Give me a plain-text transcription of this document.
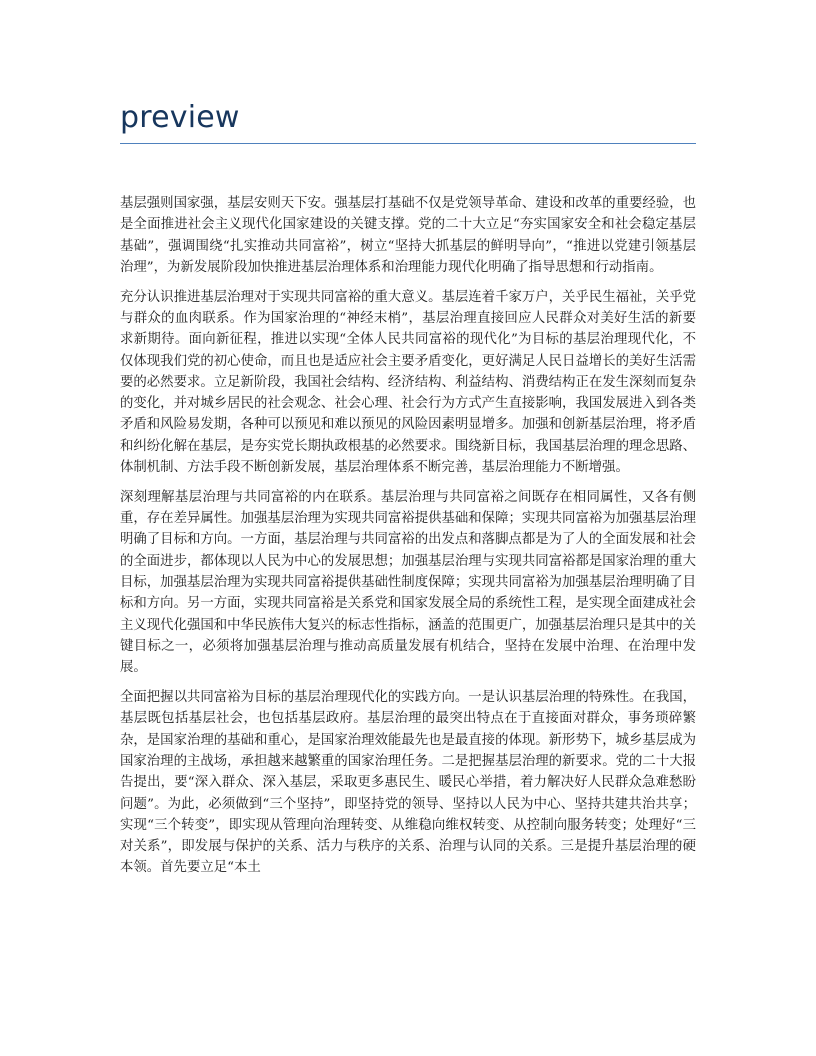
preview

基层强则国家强，基层安则天下安。强基层打基础不仅是党领导革命、建设和改革的重要经验，也是全面推进社会主义现代化国家建设的关键支撑。党的二十大立足“夯实国家安全和社会稳定基层基础”，强调围绕“扎实推动共同富裕”，树立“坚持大抓基层的鲜明导向”，“推进以党建引领基层治理”，为新发展阶段加快推进基层治理体系和治理能力现代化明确了指导思想和行动指南。

充分认识推进基层治理对于实现共同富裕的重大意义。基层连着千家万户，关乎民生福祉，关乎党与群众的血肉联系。作为国家治理的“神经末梢”，基层治理直接回应人民群众对美好生活的新要求新期待。面向新征程，推进以实现“全体人民共同富裕的现代化”为目标的基层治理现代化，不仅体现我们党的初心使命，而且也是适应社会主要矛盾变化，更好满足人民日益增长的美好生活需要的必然要求。立足新阶段，我国社会结构、经济结构、利益结构、消费结构正在发生深刻而复杂的变化，并对城乡居民的社会观念、社会心理、社会行为方式产生直接影响，我国发展进入到各类矛盾和风险易发期，各种可以预见和难以预见的风险因素明显增多。加强和创新基层治理，将矛盾和纠纷化解在基层，是夯实党长期执政根基的必然要求。围绕新目标，我国基层治理的理念思路、体制机制、方法手段不断创新发展，基层治理体系不断完善，基层治理能力不断增强。

深刻理解基层治理与共同富裕的内在联系。基层治理与共同富裕之间既存在相同属性，又各有侧重，存在差异属性。加强基层治理为实现共同富裕提供基础和保障；实现共同富裕为加强基层治理明确了目标和方向。一方面，基层治理与共同富裕的出发点和落脚点都是为了人的全面发展和社会的全面进步，都体现以人民为中心的发展思想；加强基层治理与实现共同富裕都是国家治理的重大目标，加强基层治理为实现共同富裕提供基础性制度保障；实现共同富裕为加强基层治理明确了目标和方向。另一方面，实现共同富裕是关系党和国家发展全局的系统性工程，是实现全面建成社会主义现代化强国和中华民族伟大复兴的标志性指标，涵盖的范围更广，加强基层治理只是其中的关键目标之一，必须将加强基层治理与推动高质量发展有机结合，坚持在发展中治理、在治理中发展。

全面把握以共同富裕为目标的基层治理现代化的实践方向。一是认识基层治理的特殊性。在我国，基层既包括基层社会，也包括基层政府。基层治理的最突出特点在于直接面对群众，事务琐碎繁杂，是国家治理的基础和重心，是国家治理效能最先也是最直接的体现。新形势下，城乡基层成为国家治理的主战场，承担越来越繁重的国家治理任务。二是把握基层治理的新要求。党的二十大报告提出，要“深入群众、深入基层，采取更多惠民生、暖民心举措，着力解决好人民群众急难愁盼问题”。为此，必须做到“三个坚持”，即坚持党的领导、坚持以人民为中心、坚持共建共治共享；实现“三个转变”，即实现从管理向治理转变、从维稳向维权转变、从控制向服务转变；处理好“三对关系”，即发展与保护的关系、活力与秩序的关系、治理与认同的关系。三是提升基层治理的硬本领。首先要立足“本土
